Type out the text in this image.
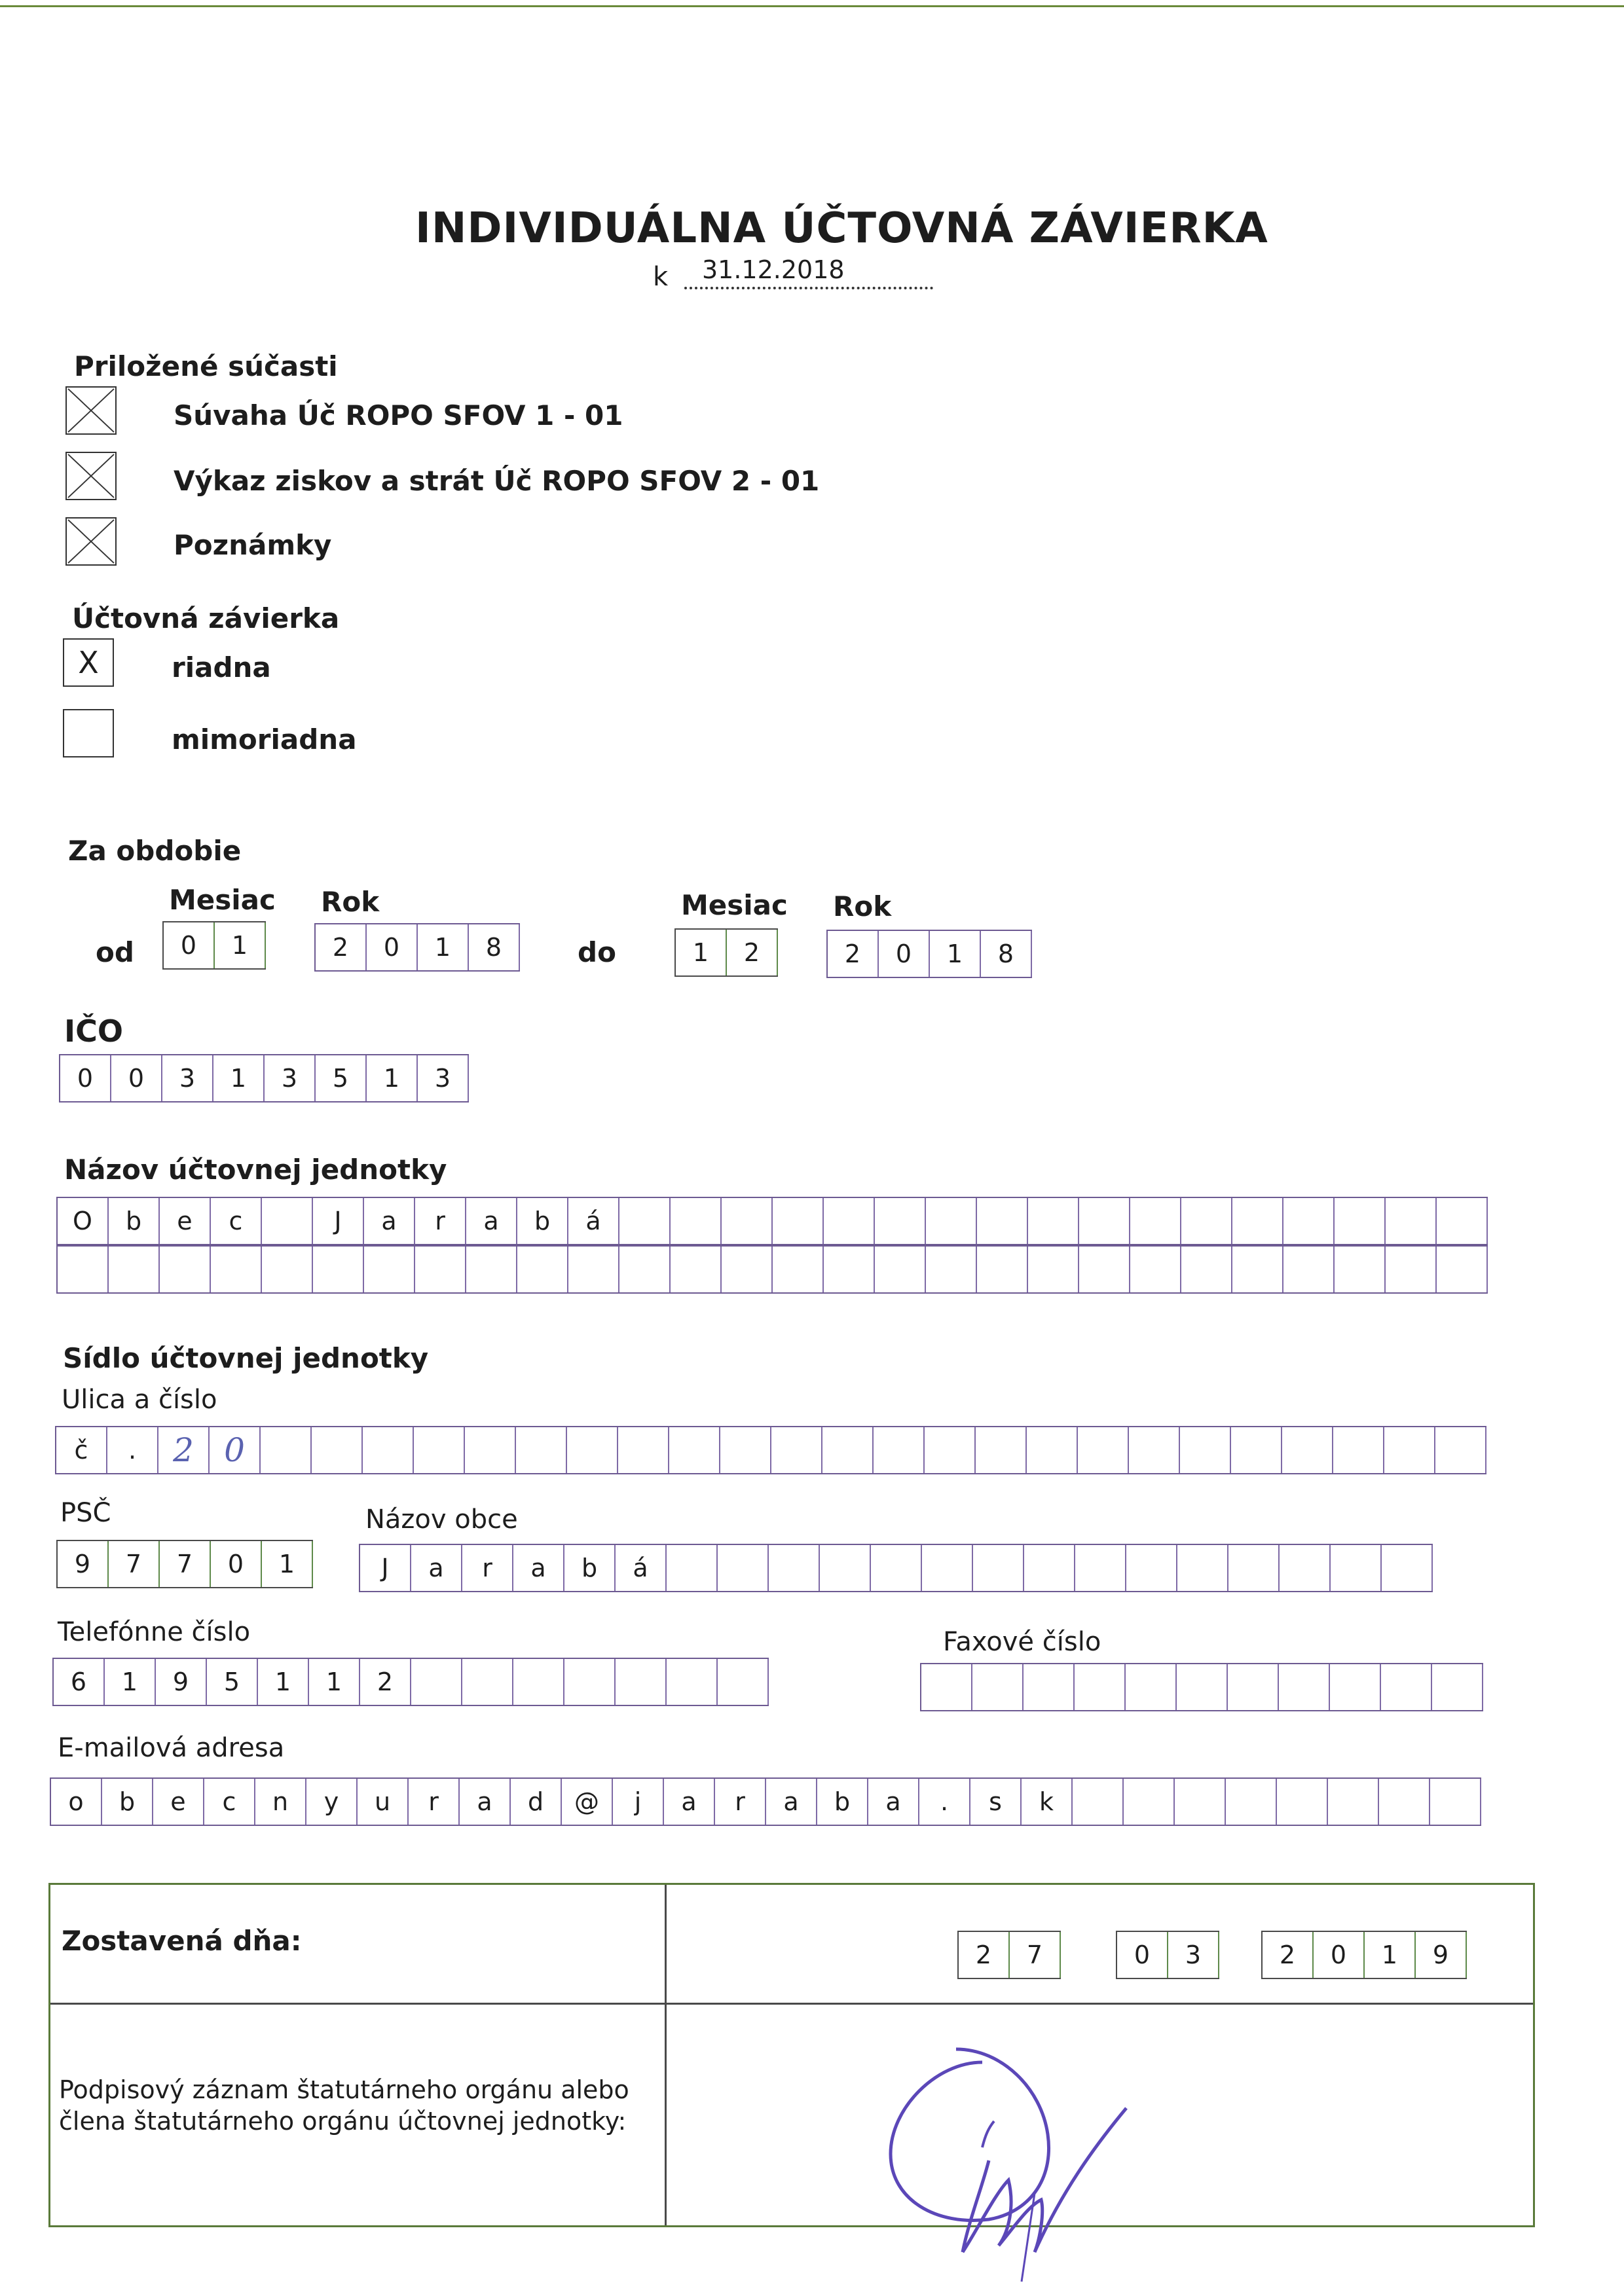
INDIVIDUÁLNA ÚČTOVNÁ ZÁVIERKA
k 31.12.2018
Priložené súčasti
Súvaha Úč ROPO SFOV 1 - 01
Výkaz ziskov a strát Úč ROPO SFOV 2 - 01
Poznámky
Účtovná závierka
X	riadna
mimoriadna
Za obdobie
Mesiac Rok	Mesiac Rok
od	0	1	2	0	1	8	do	1	2	2	0	1	8
IČO
0	0	3	1	3	5	1	3
Názov účtovnej jednotky
O	b	e	c	J	a	r	a	b	á
Sídlo účtovnej jednotky
Ulica a číslo
č	.	2 0
PSČ
9	7	7	0	1
Názov obce
J	a	r	a	b	á
Telefónne číslo
6	1	9	5	1	1	2
Faxové číslo
E-mailová adresa
o	b	e	c	n	y	u	r	a	d	@	j	a	r	a	b	a	.	s	k
Zostavená dňa:	2	7	0	3	2	0	1	9
Podpisový záznam štatutárneho orgánu alebo
člena štatutárneho orgánu účtovnej jednotky:
